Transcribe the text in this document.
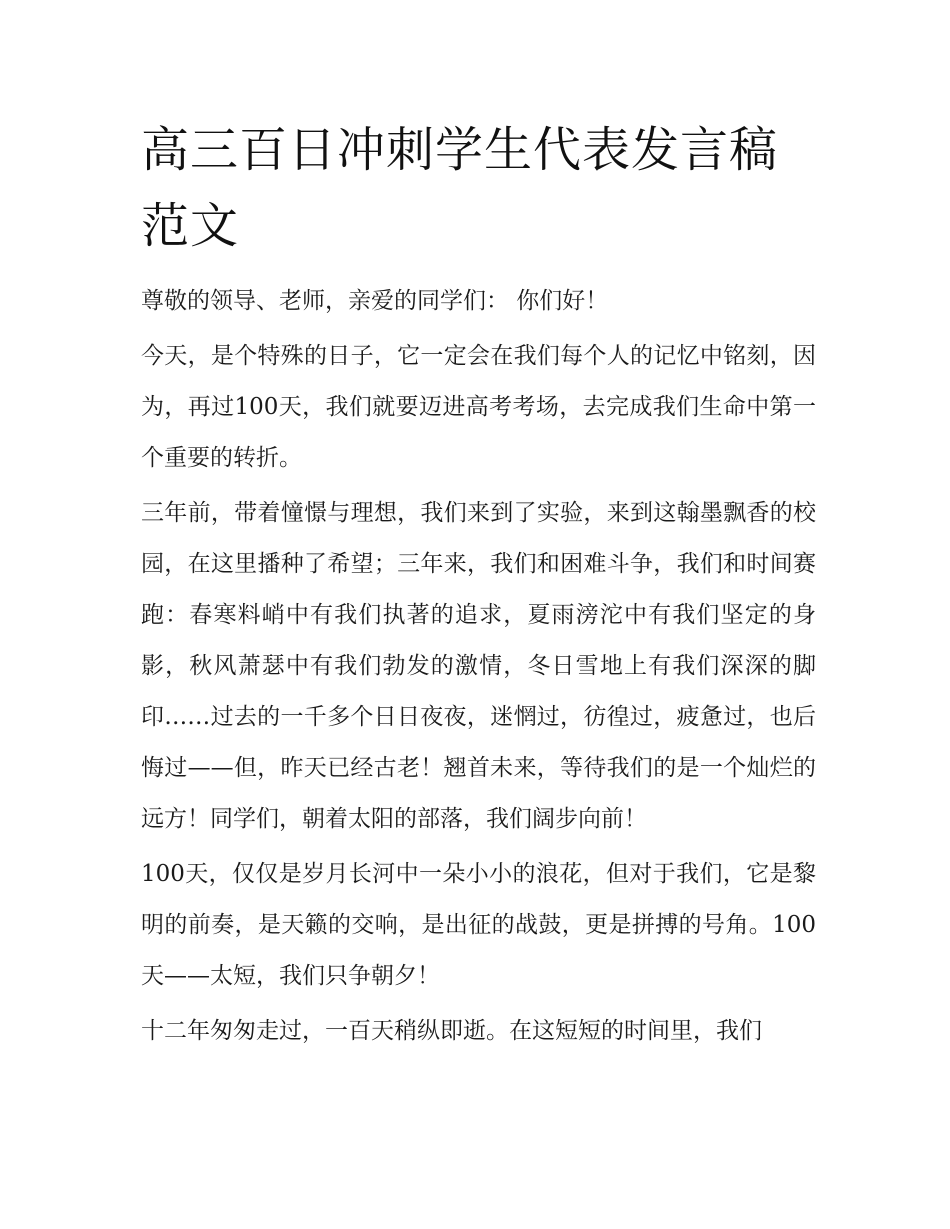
高三百日冲刺学生代表发言稿范文

尊敬的领导、老师，亲爱的同学们： 你们好！

今天，是个特殊的日子，它一定会在我们每个人的记忆中铭刻，因为，再过100天，我们就要迈进高考考场，去完成我们生命中第一个重要的转折。

三年前，带着憧憬与理想，我们来到了实验，来到这翰墨飘香的校园，在这里播种了希望；三年来，我们和困难斗争，我们和时间赛跑：春寒料峭中有我们执著的追求，夏雨滂沱中有我们坚定的身影，秋风萧瑟中有我们勃发的激情，冬日雪地上有我们深深的脚印……过去的一千多个日日夜夜，迷惘过，彷徨过，疲惫过，也后悔过——但，昨天已经古老！翘首未来，等待我们的是一个灿烂的远方！同学们，朝着太阳的部落，我们阔步向前！

100天，仅仅是岁月长河中一朵小小的浪花，但对于我们，它是黎明的前奏，是天籁的交响，是出征的战鼓，更是拼搏的号角。100天——太短，我们只争朝夕！

十二年匆匆走过，一百天稍纵即逝。在这短短的时间里，我们
